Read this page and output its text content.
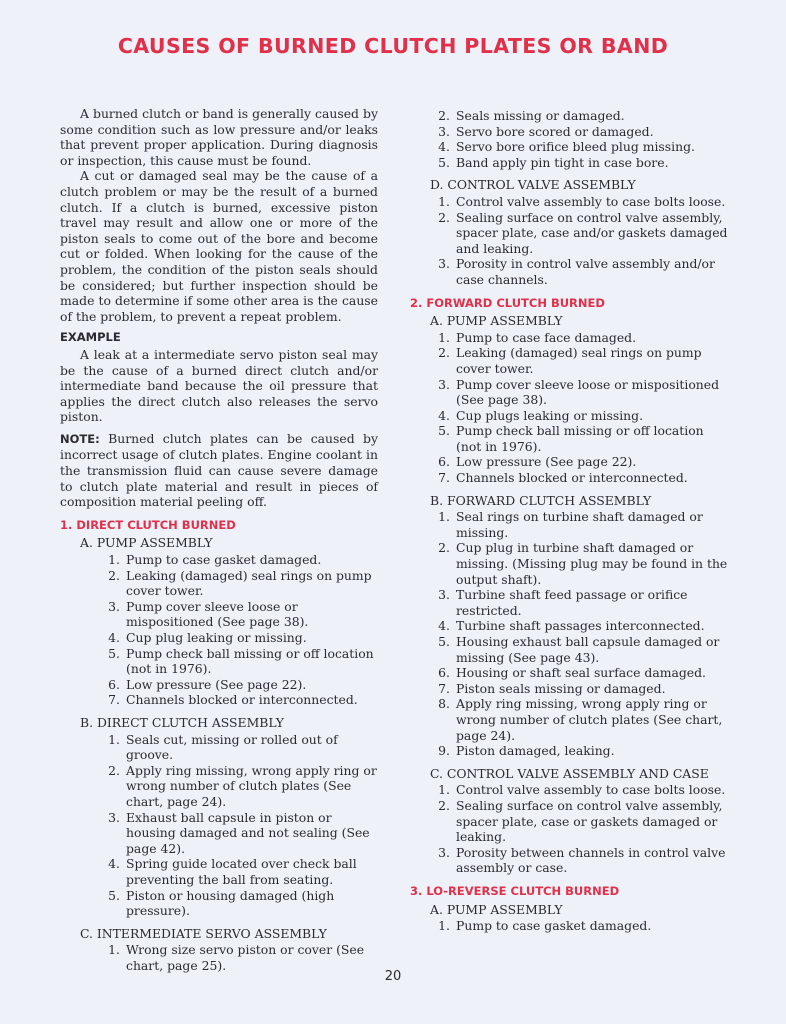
CAUSES OF BURNED CLUTCH PLATES OR BAND

A burned clutch or band is generally caused by some condition such as low pressure and/or leaks that prevent proper application. During diagnosis or inspection, this cause must be found.

A cut or damaged seal may be the cause of a clutch problem or may be the result of a burned clutch. If a clutch is burned, excessive piston travel may result and allow one or more of the piston seals to come out of the bore and become cut or folded. When looking for the cause of the problem, the condition of the piston seals should be considered; but further inspection should be made to determine if some other area is the cause of the problem, to prevent a repeat problem.

EXAMPLE

A leak at a intermediate servo piston seal may be the cause of a burned direct clutch and/or intermediate band because the oil pressure that applies the direct clutch also releases the servo piston.

NOTE: Burned clutch plates can be caused by incorrect usage of clutch plates. Engine coolant in the transmission fluid can cause severe damage to clutch plate material and result in pieces of composition material peeling off.

1. DIRECT CLUTCH BURNED
A. PUMP ASSEMBLY
1. Pump to case gasket damaged.
2. Leaking (damaged) seal rings on pump cover tower.
3. Pump cover sleeve loose or mispositioned (See page 38).
4. Cup plug leaking or missing.
5. Pump check ball missing or off location (not in 1976).
6. Low pressure (See page 22).
7. Channels blocked or interconnected.
B. DIRECT CLUTCH ASSEMBLY
1. Seals cut, missing or rolled out of groove.
2. Apply ring missing, wrong apply ring or wrong number of clutch plates (See chart, page 24).
3. Exhaust ball capsule in piston or housing damaged and not sealing (See page 42).
4. Spring guide located over check ball preventing the ball from seating.
5. Piston or housing damaged (high pressure).
C. INTERMEDIATE SERVO ASSEMBLY
1. Wrong size servo piston or cover (See chart, page 25).
2. Seals missing or damaged.
3. Servo bore scored or damaged.
4. Servo bore orifice bleed plug missing.
5. Band apply pin tight in case bore.
D. CONTROL VALVE ASSEMBLY
1. Control valve assembly to case bolts loose.
2. Sealing surface on control valve assembly, spacer plate, case and/or gaskets damaged and leaking.
3. Porosity in control valve assembly and/or case channels.
2. FORWARD CLUTCH BURNED
A. PUMP ASSEMBLY
1. Pump to case face damaged.
2. Leaking (damaged) seal rings on pump cover tower.
3. Pump cover sleeve loose or mispositioned (See page 38).
4. Cup plugs leaking or missing.
5. Pump check ball missing or off location (not in 1976).
6. Low pressure (See page 22).
7. Channels blocked or interconnected.
B. FORWARD CLUTCH ASSEMBLY
1. Seal rings on turbine shaft damaged or missing.
2. Cup plug in turbine shaft damaged or missing. (Missing plug may be found in the output shaft).
3. Turbine shaft feed passage or orifice restricted.
4. Turbine shaft passages interconnected.
5. Housing exhaust ball capsule damaged or missing (See page 43).
6. Housing or shaft seal surface damaged.
7. Piston seals missing or damaged.
8. Apply ring missing, wrong apply ring or wrong number of clutch plates (See chart, page 24).
9. Piston damaged, leaking.
C. CONTROL VALVE ASSEMBLY AND CASE
1. Control valve assembly to case bolts loose.
2. Sealing surface on control valve assembly, spacer plate, case or gaskets damaged or leaking.
3. Porosity between channels in control valve assembly or case.
3. LO-REVERSE CLUTCH BURNED
A. PUMP ASSEMBLY
1. Pump to case gasket damaged.
20
